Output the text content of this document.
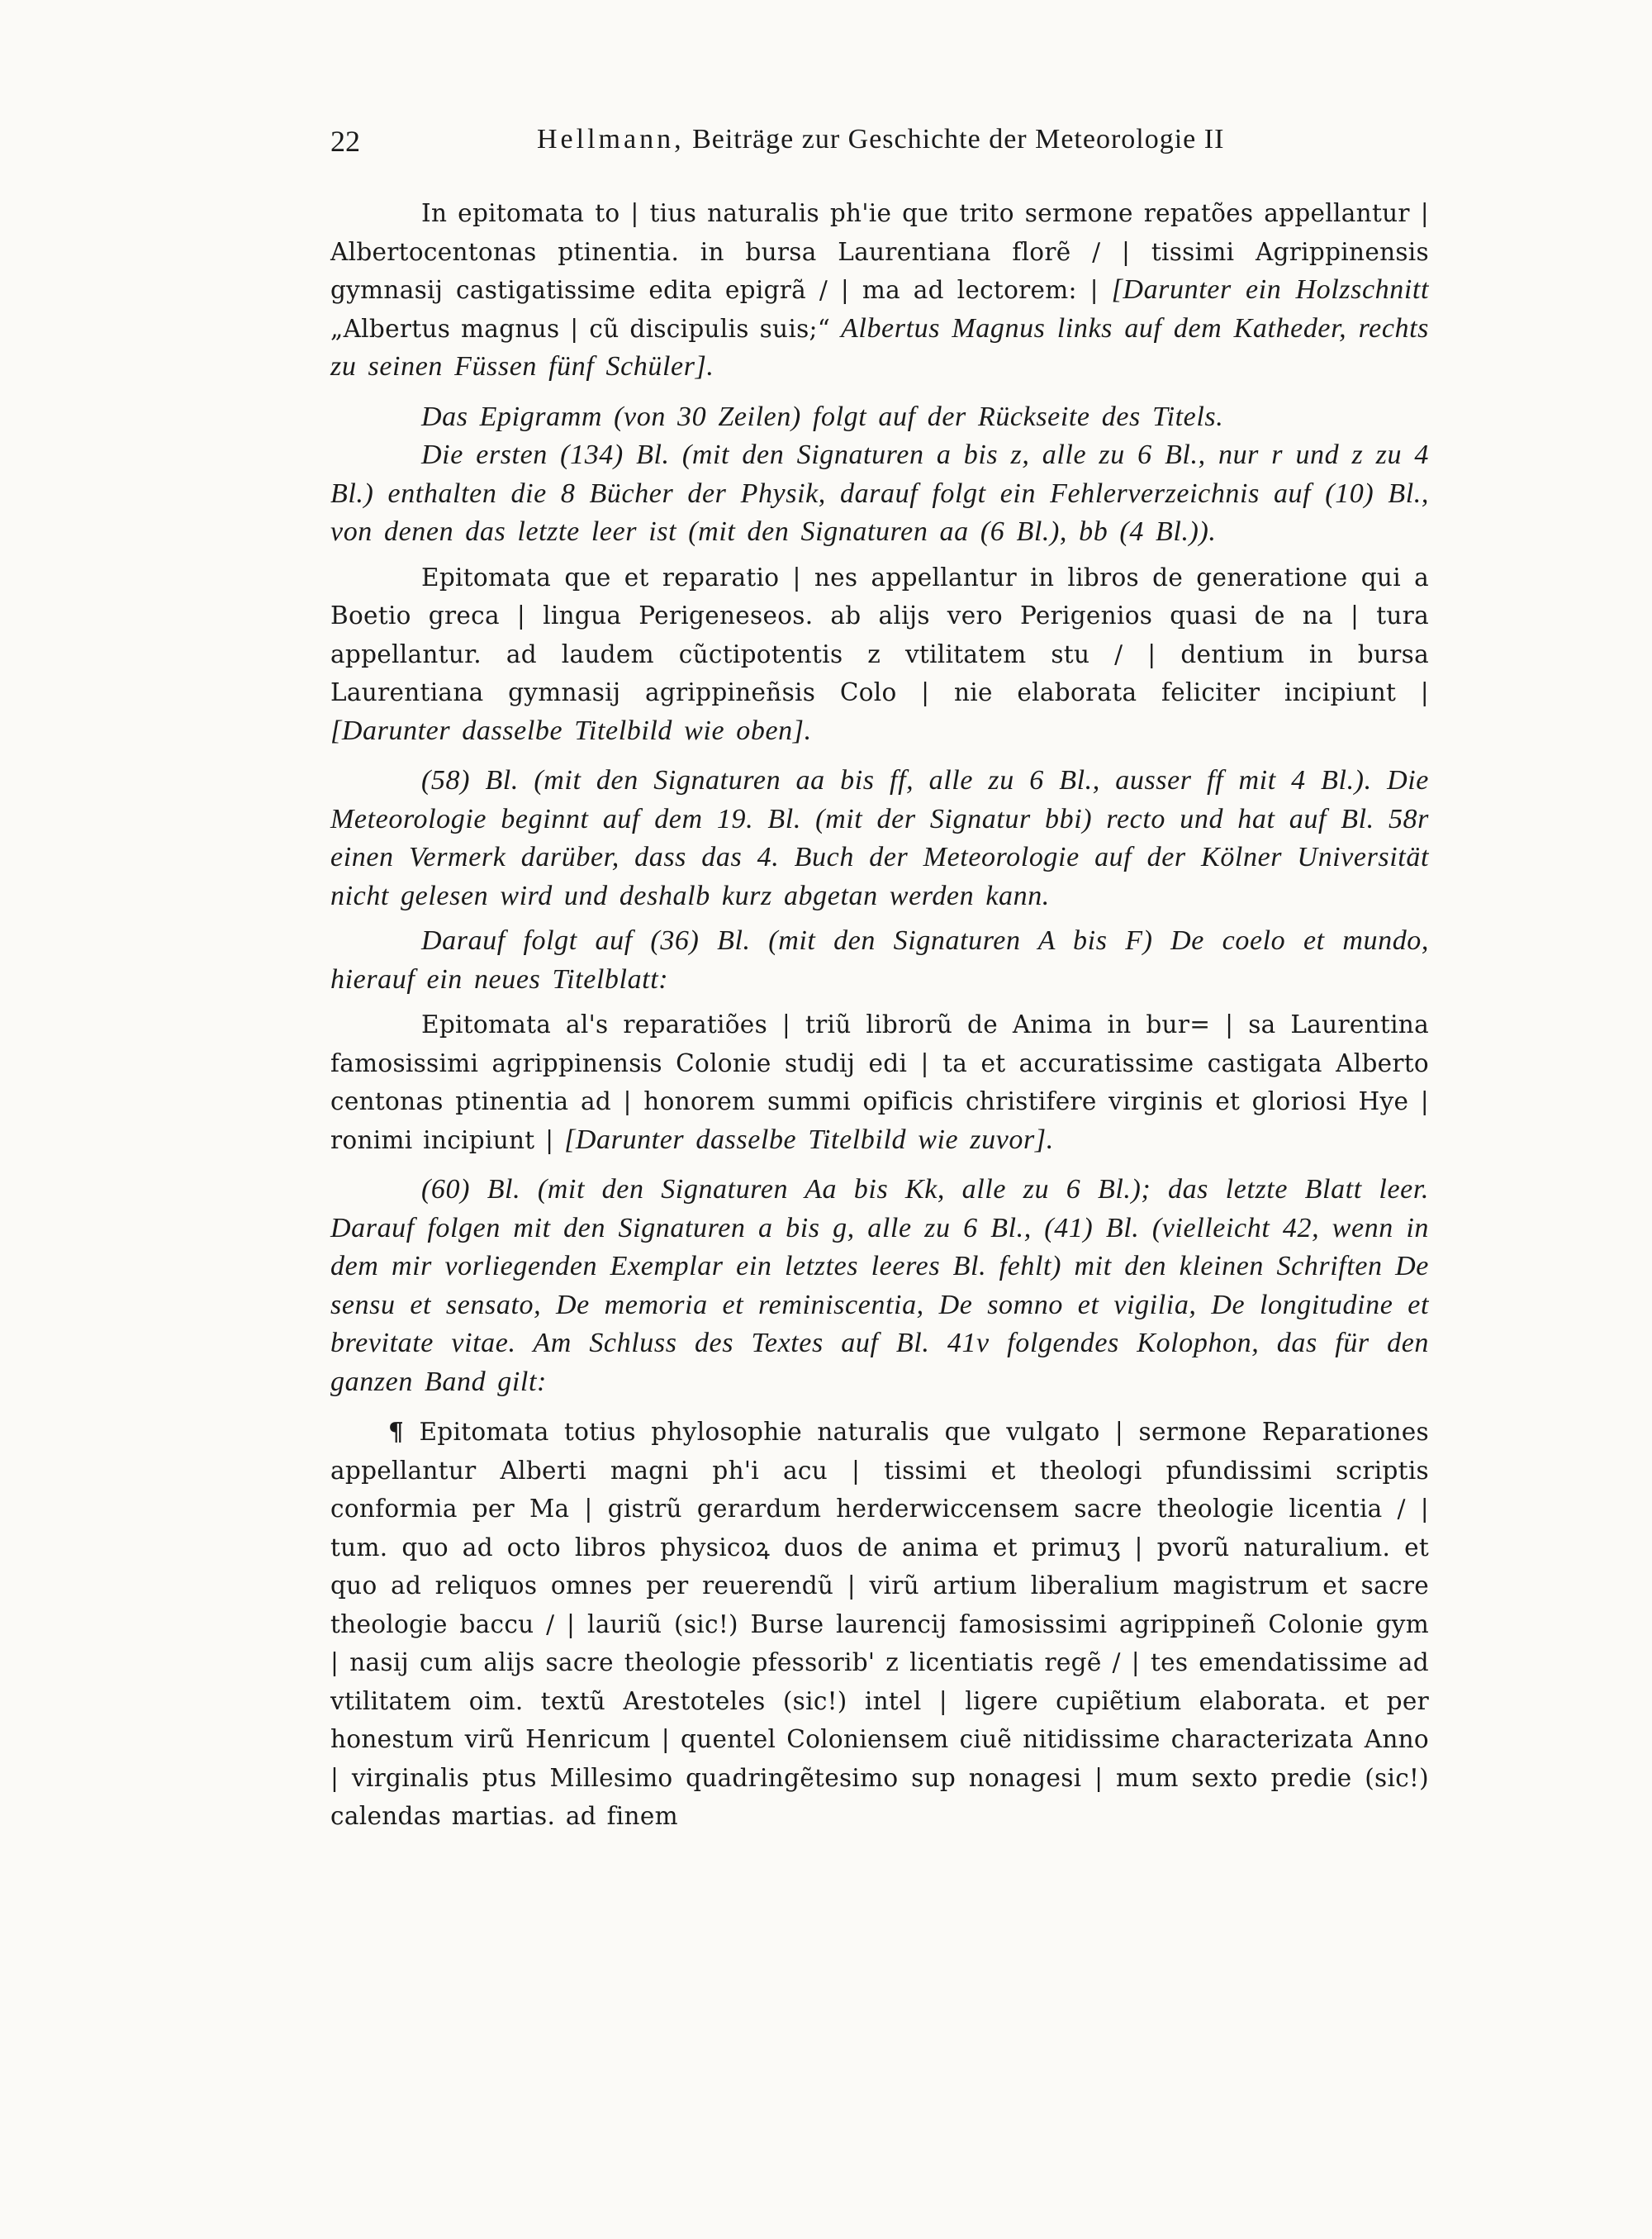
22	Hellmann, Beiträge zur Geschichte der Meteorologie II

In epitomata to | tius naturalis ph'ie que trito sermone repatões appellantur | Albertocentonas ptinentia. in bursa Laurentiana florẽ / | tissimi Agrippinensis gymnasij castigatissime edita epigrã / | ma ad lectorem: | [Darunter ein Holzschnitt „Albertus magnus | cũ discipulis suis;“ Albertus Magnus links auf dem Katheder, rechts zu seinen Füssen fünf Schüler].

Das Epigramm (von 30 Zeilen) folgt auf der Rückseite des Titels.

Die ersten (134) Bl. (mit den Signaturen a bis z, alle zu 6 Bl., nur r und z zu 4 Bl.) enthalten die 8 Bücher der Physik, darauf folgt ein Fehlerverzeichnis auf (10) Bl., von denen das letzte leer ist (mit den Signaturen aa (6 Bl.), bb (4 Bl.)).

Epitomata que et reparatio | nes appellantur in libros de generatione qui a Boetio greca | lingua Perigeneseos. ab alijs vero Perigenios quasi de na | tura appellantur. ad laudem cũctipotentis z vtilitatem stu / | dentium in bursa Laurentiana gymnasij agrippineñsis Colo | nie elaborata feliciter incipiunt | [Darunter dasselbe Titelbild wie oben].

(58) Bl. (mit den Signaturen aa bis ff, alle zu 6 Bl., ausser ff mit 4 Bl.). Die Meteorologie beginnt auf dem 19. Bl. (mit der Signatur bbi) recto und hat auf Bl. 58r einen Vermerk darüber, dass das 4. Buch der Meteorologie auf der Kölner Universität nicht gelesen wird und deshalb kurz abgetan werden kann.

Darauf folgt auf (36) Bl. (mit den Signaturen A bis F) De coelo et mundo, hierauf ein neues Titelblatt:

Epitomata al's reparatiões | triũ librorũ de Anima in bur= | sa Laurentina famosissimi agrippinensis Colonie studij edi | ta et accuratissime castigata Alberto centonas ptinentia ad | honorem summi opificis christifere virginis et gloriosi Hye | ronimi incipiunt | [Darunter dasselbe Titelbild wie zuvor].

(60) Bl. (mit den Signaturen Aa bis Kk, alle zu 6 Bl.); das letzte Blatt leer. Darauf folgen mit den Signaturen a bis g, alle zu 6 Bl., (41) Bl. (vielleicht 42, wenn in dem mir vorliegenden Exemplar ein letztes leeres Bl. fehlt) mit den kleinen Schriften De sensu et sensato, De memoria et reminiscentia, De somno et vigilia, De longitudine et brevitate vitae. Am Schluss des Textes auf Bl. 41v folgendes Kolophon, das für den ganzen Band gilt:

¶ Epitomata totius phylosophie naturalis que vulgato | sermone Reparationes appellantur Alberti magni ph'i acu | tissimi et theologi pfundissimi scriptis conformia per Ma | gistrũ gerardum herderwiccensem sacre theologie licentia / | tum. quo ad octo libros physicoꝝ duos de anima et primuʒ | pvorũ naturalium. et quo ad reliquos omnes per reuerendũ | virũ artium liberalium magistrum et sacre theologie baccu / | lauriũ (sic!) Burse laurencij famosissimi agrippineñ Colonie gym | nasij cum alijs sacre theologie pfessorib' z licentiatis regẽ / | tes emendatissime ad vtilitatem oim. textũ Arestoteles (sic!) intel | ligere cupiẽtium elaborata. et per honestum virũ Henricum | quentel Coloniensem ciuẽ nitidissime characterizata Anno | virginalis ptus Millesimo quadringẽtesimo sup nonagesi | mum sexto predie (sic!) calendas martias. ad finem
